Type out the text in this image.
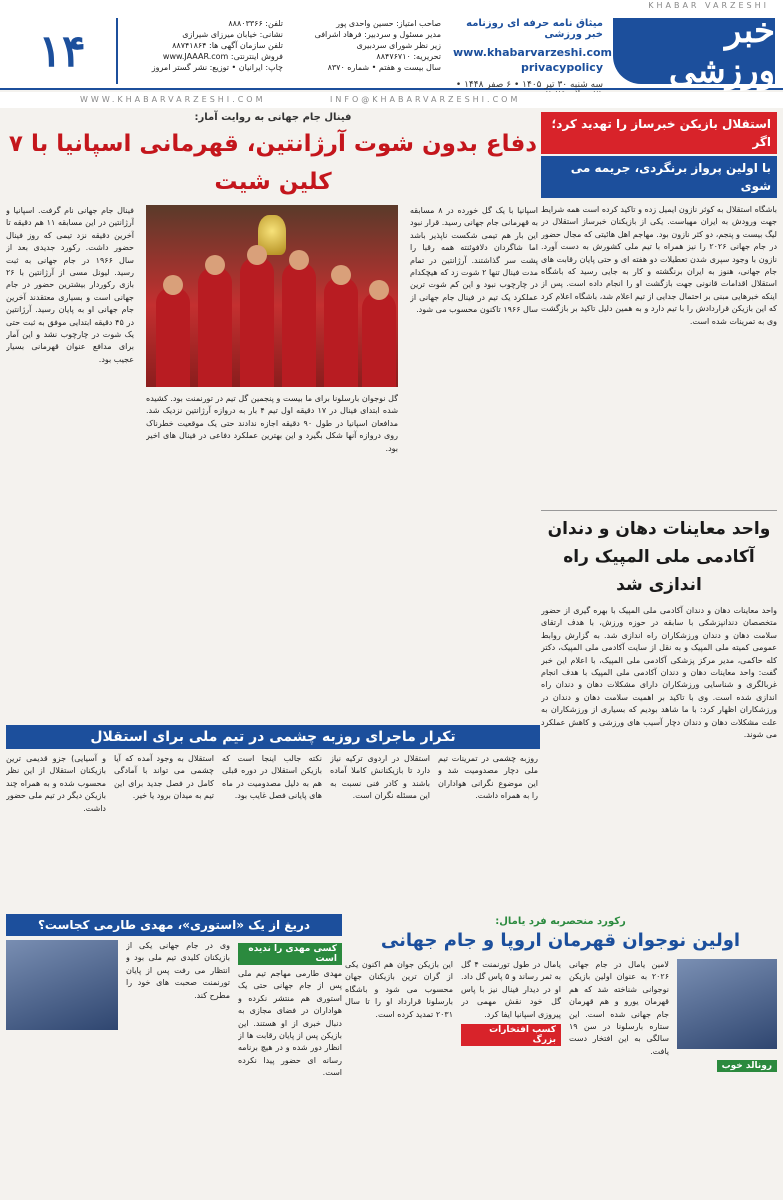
KHABAR VARZESHI
خبر ورزشی
میثاق نامه حرفه ای روزنامه خبر ورزشی
www.khabarvarzeshi.com
privacypolicy
سه شنبه ۳۰ تیر ۱۴۰۵ • ۶ صفر ۱۴۴۸ •
صاحب امتیاز: حسین واحدی پور
مدیر مسئول و سردبیر: فرهاد اشرافی
زیر نظر شورای سردبیری
تحریریه: ۸۸۴۷۶۷۱۰
سال بیست و هفتم • شماره ۸۳۷۰
تلفن: ۸۸۸۰۳۳۶۶
نشانی: خیابان میرزای شیرازی
تلفن سازمان آگهی ها: ۸۸۷۴۱۸۶۴
فروش اینترنتی: www.JAAAR.com
چاپ: ایرانیان • توزیع: نشر گستر امروز
۱۴
WWW.KHABARVARZESHI.COM	INFO@KHABARVARZESHI.COM
استقلال بازیکن خبرساز را تهدید کرد؛ اگر
با اولین پرواز برنگردی، جریمه می شوی
باشگاه استقلال به کوثر نازون ایمیل زده و تاکید کرده است همه شرایط جهت ورودش به ایران مهیاست. یکی از بازیکنان خبرساز استقلال در لیگ بیست و پنجم، دو کثر نازون بود. مهاجم اهل هائیتی که مجال حضور در جام جهانی ۲۰۲۶ را نیز همراه با تیم ملی کشورش به دست آورد. نازون با وجود سپری شدن تعطیلات دو هفته ای و حتی پایان رقابت های جام جهانی، هنوز به ایران برنگشته و کار به جایی رسید که باشگاه استقلال اقدامات قانونی جهت بازگشت او را انجام داده است. پس از اینکه خبرهایی مبنی بر احتمال جدایی از تیم اعلام شد، باشگاه اعلام کرد که این بازیکن قراردادش را با تیم دارد و به همین دلیل تاکید بر بازگشت وی به تمرینات شده است.
واحد معاینات دهان و دندان آکادمی ملی المپیک راه اندازی شد
واحد معاینات دهان و دندان آکادمی ملی المپیک با بهره گیری از حضور متخصصان دندانپزشکی با سابقه در حوزه ورزش، با هدف ارتقای سلامت دهان و دندان ورزشکاران راه اندازی شد. به گزارش روابط عمومی کمیته ملی المپیک و به نقل از سایت آکادمی ملی المپیک، دکتر کله حاکمی، مدیر مرکز پزشکی آکادمی ملی المپیک، با اعلام این خبر گفت: واحد معاینات دهان و دندان آکادمی ملی المپیک با هدف انجام غربالگری و شناسایی ورزشکاران دارای مشکلات دهان و دندان راه اندازی شده است. وی با تاکید بر اهمیت سلامت دهان و دندان در ورزشکاران اظهار کرد: با ما شاهد بودیم که بسیاری از ورزشکاران به علت مشکلات دهان و دندان دچار آسیب های ورزشی و کاهش عملکرد می شوند.
فینال جام جهانی به روایت آمار:
دفاع بدون شوت آرژانتین، قهرمانی اسپانیا با ۷ کلین شیت
فینال جام جهانی نام گرفت. اسپانیا و آرژانتین در این مسابقه ۱۱ هم دقیقه تا آخرین دقیقه نزد تیمی که روز فینال حضور داشت. رکورد جدیدی بعد از سال ۱۹۶۶ در جام جهانی به ثبت رسید. لیونل مسی از آرژانتین با ۲۶ بازی رکوردار بیشترین حضور در جام جهانی است و بسیاری معتقدند آخرین جام جهانی او به پایان رسید. آرژانتین در ۴۵ دقیقه ابتدایی موفق به ثبت حتی یک شوت در چارچوب نشد و این آمار برای مدافع عنوان قهرمانی بسیار عجیب بود.
گل نوجوان بارسلونا برای ما بیست و پنجمین گل تیم در تورنمنت بود. کشیده شده ابتدای فینال در ۱۷ دقیقه اول تیم ۴ بار به دروازه آرژانتین نزدیک شد. مدافعان اسپانیا در طول ۹۰ دقیقه اجازه ندادند حتی یک موقعیت خطرناک روی دروازه آنها شکل بگیرد و این بهترین عملکرد دفاعی در فینال های اخیر بود.
اسپانیا با یک گل خورده در ۸ مسابقه به قهرمانی جام جهانی رسید. قرار نبود این بار هم تیمی شکست ناپذیر باشد اما شاگردان دلافوئنته همه رقبا را پشت سر گذاشتند. آرژانتین در تمام مدت فینال تنها ۲ شوت زد که هیچکدام در چارچوب نبود و این کم شوت ترین عملکرد یک تیم در فینال جام جهانی از سال ۱۹۶۶ تاکنون محسوب می شود.
تکرار ماجرای روزبه چشمی در تیم ملی برای استقلال
و آسیایی) جزو قدیمی ترین بازیکنان استقلال از این نظر محسوب شده و به همراه چند بازیکن دیگر در تیم ملی حضور داشت.
استقلال به وجود آمده که آیا چشمی می تواند با آمادگی کامل در فصل جدید برای این تیم به میدان برود یا خیر.
نکته جالب اینجا است که بازیکن استقلال در دوره قبلی هم به دلیل مصدومیت در ماه های پایانی فصل غایب بود.
استقلال در اردوی ترکیه نیاز دارد تا بازیکنانش کاملا آماده باشند و کادر فنی نسبت به این مسئله نگران است.
روزبه چشمی در تمرینات تیم ملی دچار مصدومیت شد و این موضوع نگرانی هواداران را به همراه داشت.
دریغ از یک «استوری»، مهدی طارمی کجاست؟
کسی مهدی را ندیده است
مهدی طارمی مهاجم تیم ملی پس از جام جهانی حتی یک استوری هم منتشر نکرده و هواداران در فضای مجازی به دنبال خبری از او هستند. این بازیکن پس از پایان رقابت ها از انظار دور شده و در هیچ برنامه رسانه ای حضور پیدا نکرده است.
وی در جام جهانی یکی از بازیکنان کلیدی تیم ملی بود و انتظار می رفت پس از پایان تورنمنت صحبت های خود را مطرح کند.
رکورد منحصربه فرد یامال:
اولین نوجوان قهرمان اروپا و جام جهانی
رونالد خوب
لامین یامال در جام جهانی ۲۰۲۶ به عنوان اولین بازیکن نوجوانی شناخته شد که هم قهرمان یورو و هم قهرمان جام جهانی شده است. این ستاره بارسلونا در سن ۱۹ سالگی به این افتخار دست یافت.
یامال در طول تورنمنت ۴ گل به ثمر رساند و ۵ پاس گل داد. او در دیدار فینال نیز با پاس گل خود نقش مهمی در پیروزی اسپانیا ایفا کرد.
کسب افتخارات بزرگ
این بازیکن جوان هم اکنون یکی از گران ترین بازیکنان جهان محسوب می شود و باشگاه بارسلونا قرارداد او را تا سال ۲۰۳۱ تمدید کرده است.
